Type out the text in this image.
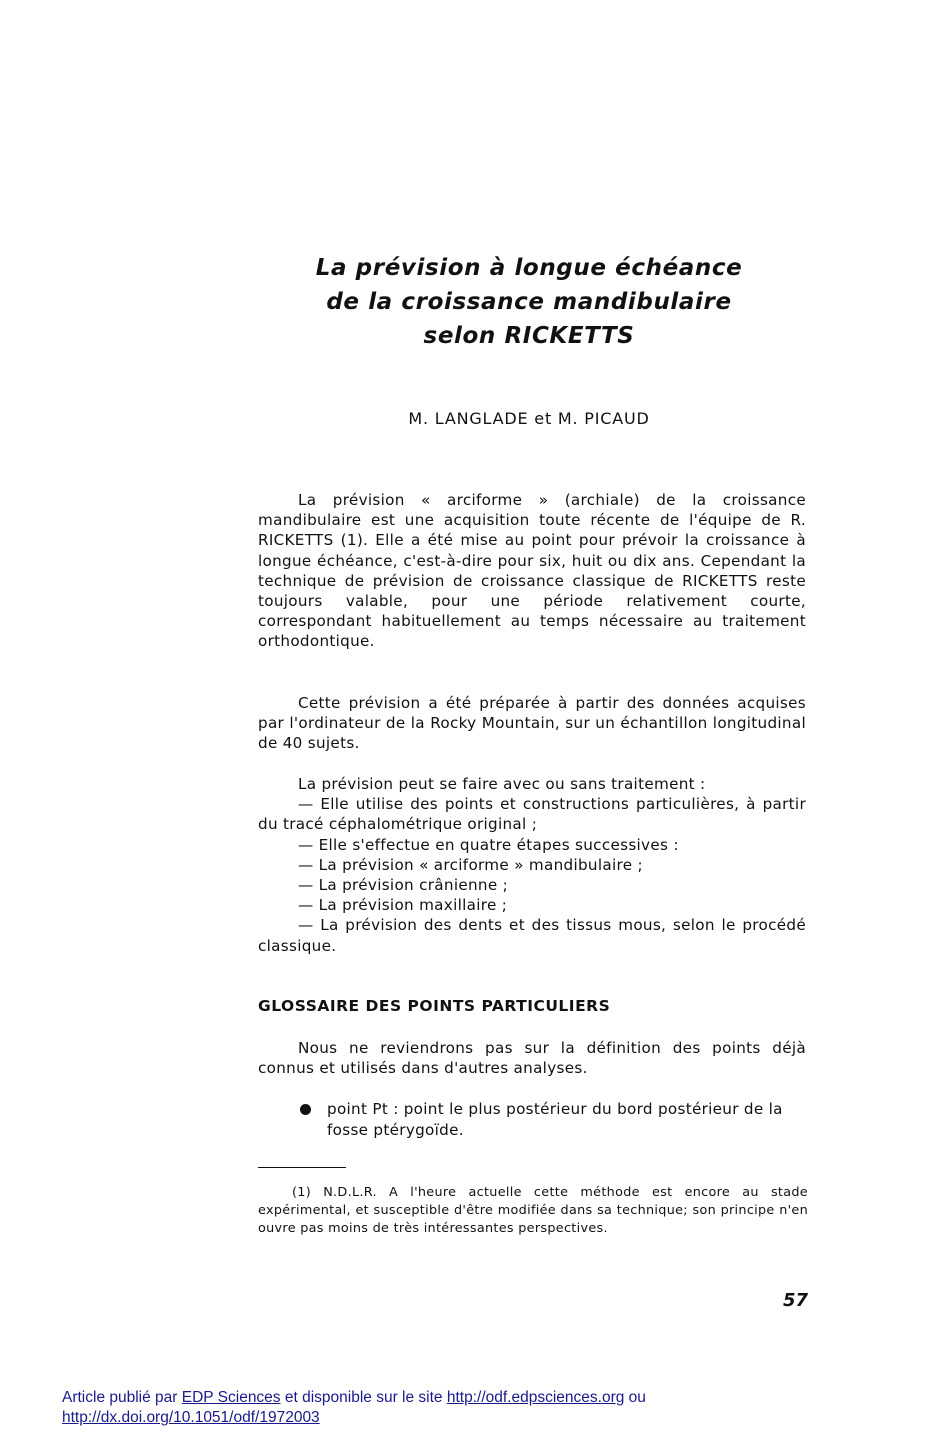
La prévision à longue échéance
de la croissance mandibulaire
selon RICKETTS
M. LANGLADE et M. PICAUD

La prévision « arciforme » (archiale) de la croissance mandibulaire est une acquisition toute récente de l'équipe de R. RICKETTS (1). Elle a été mise au point pour prévoir la croissance à longue échéance, c'est-à-dire pour six, huit ou dix ans. Cependant la technique de prévision de croissance classique de RICKETTS reste toujours valable, pour une période relativement courte, correspondant habituellement au temps nécessaire au traitement orthodontique.

Cette prévision a été préparée à partir des données acquises par l'ordinateur de la Rocky Mountain, sur un échantillon longitudinal de 40 sujets.

La prévision peut se faire avec ou sans traitement :

— Elle utilise des points et constructions particulières, à partir du tracé céphalométrique original ;

— Elle s'effectue en quatre étapes successives :

— La prévision « arciforme » mandibulaire ;

— La prévision crânienne ;

— La prévision maxillaire ;

— La prévision des dents et des tissus mous, selon le procédé classique.

GLOSSAIRE DES POINTS PARTICULIERS

Nous ne reviendrons pas sur la définition des points déjà connus et utilisés dans d'autres analyses.

point Pt : point le plus postérieur du bord postérieur de la fosse ptérygoïde.

(1) N.D.L.R. A l'heure actuelle cette méthode est encore au stade expérimental, et susceptible d'être modifiée dans sa technique; son principe n'en ouvre pas moins de très intéressantes perspectives.

57
Article publié par EDP Sciences et disponible sur le site http://odf.edpsciences.org ou
http://dx.doi.org/10.1051/odf/1972003
